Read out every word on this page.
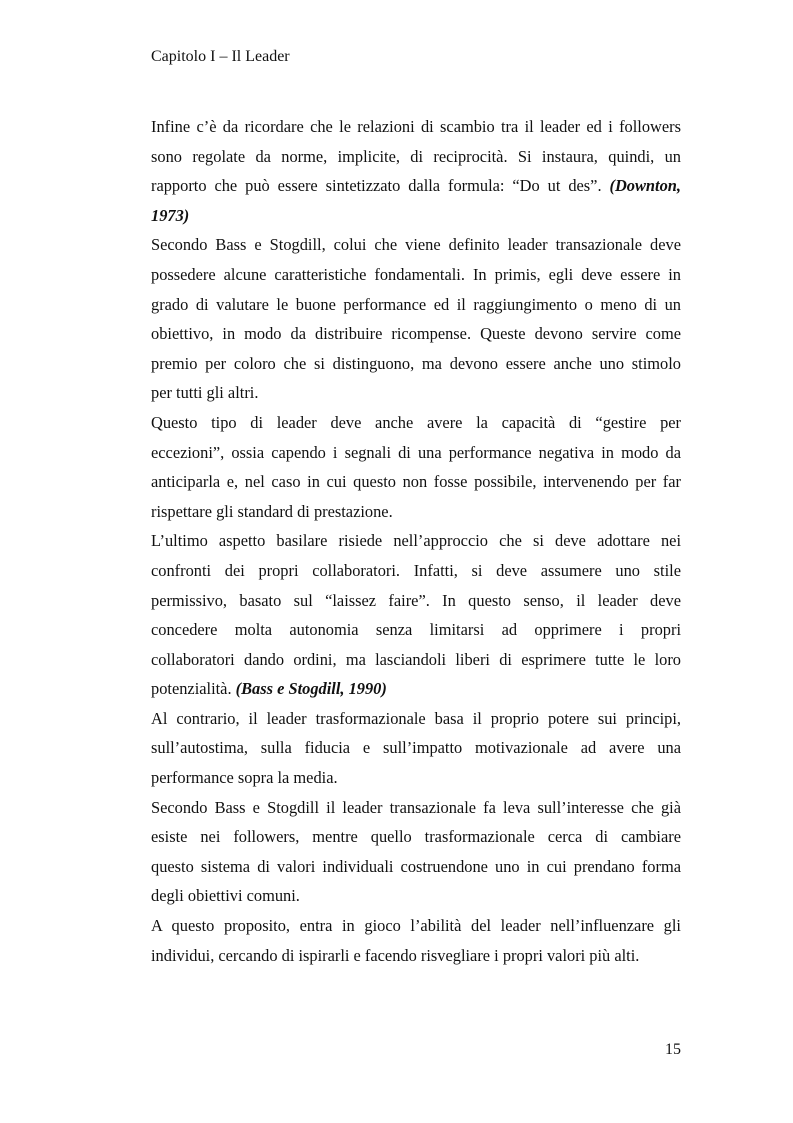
Capitolo I – Il Leader
Infine c’è da ricordare che le relazioni di scambio tra il leader ed i followers
sono regolate da norme, implicite, di reciprocità. Si instaura, quindi, un
rapporto che può essere sintetizzato dalla formula: “Do ut des”. (Downton,
1973)
Secondo Bass e Stogdill, colui che viene definito leader transazionale deve
possedere alcune caratteristiche fondamentali. In primis, egli deve essere in
grado di valutare le buone performance ed il raggiungimento o meno di un
obiettivo, in modo da distribuire ricompense. Queste devono servire come
premio per coloro che si distinguono, ma devono essere anche uno stimolo
per tutti gli altri.
Questo tipo di leader deve anche avere la capacità di “gestire per
eccezioni”, ossia capendo i segnali di una performance negativa in modo da
anticiparla e, nel caso in cui questo non fosse possibile, intervenendo per far
rispettare gli standard di prestazione.
L’ultimo aspetto basilare risiede nell’approccio che si deve adottare nei
confronti dei propri collaboratori. Infatti, si deve assumere uno stile
permissivo, basato sul “laissez faire”. In questo senso, il leader deve
concedere molta autonomia senza limitarsi ad opprimere i propri
collaboratori dando ordini, ma lasciandoli liberi di esprimere tutte le loro
potenzialità. (Bass e Stogdill, 1990)
Al contrario, il leader trasformazionale basa il proprio potere sui principi,
sull’autostima, sulla fiducia e sull’impatto motivazionale ad avere una
performance sopra la media.
Secondo Bass e Stogdill il leader transazionale fa leva sull’interesse che già
esiste nei followers, mentre quello trasformazionale cerca di cambiare
questo sistema di valori individuali costruendone uno in cui prendano forma
degli obiettivi comuni.
A questo proposito, entra in gioco l’abilità del leader nell’influenzare gli
individui, cercando di ispirarli e facendo risvegliare i propri valori più alti.
15
